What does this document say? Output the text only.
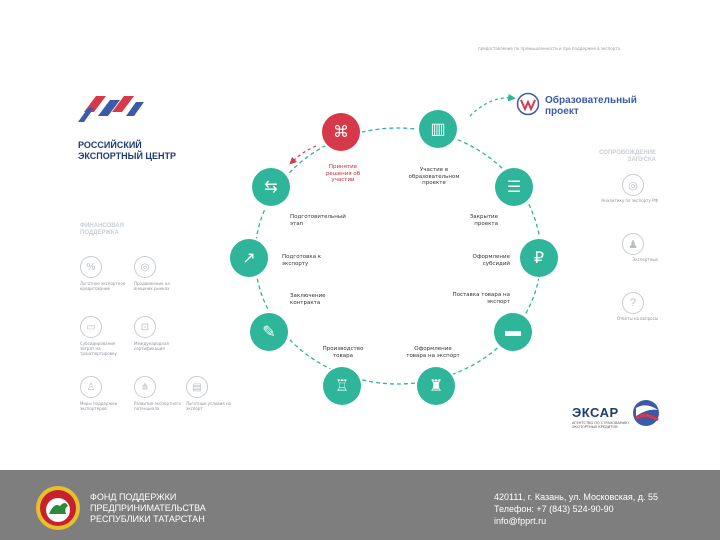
предоставление по промышленности и при поддержке в экспорта
РОССИЙСКИЙ
ЭКСПОРТНЫЙ ЦЕНТР
ФИНАНСОВАЯ
ПОДДЕРЖКА
%
Льготное экспортное кредитование
◎
Продвижение на внешних рынках
▭
Субсидирование затрат на транспортировку
⊡
Международная сертификация
♙
Меры поддержки экспортеров
⋔
Развитие экспортного потенциала
▤
Льготные условия на экспорт
⌘	▥
☰
₽
▬
♜
♖
✎
↗
⇆
Принятие решения об участии
Участие в образовательном проекте
Закрытие проекта
Оформление субсидий
Поставка товара на экспорт
Оформление товара на экспорт
Производство товара
Заключение контракта
Подготовка к экспорту
Подготовительный этап
Образовательный
проект
СОПРОВОЖДЕНИЕ
ЗАПУСКА
◎
Аналитику по экспорту РФ
♟
Экспертные
?
Ответы на вопросы
ЭКСАР
АГЕНТСТВО ПО СТРАХОВАНИЮ ЭКСПОРТНЫХ КРЕДИТОВ
ФОНД ПОДДЕРЖКИ
ПРЕДПРИНИМАТЕЛЬСТВА
РЕСПУБЛИКИ ТАТАРСТАН
420111, г. Казань, ул. Московская, д. 55
Телефон: +7 (843) 524-90-90
info@fpprt.ru
